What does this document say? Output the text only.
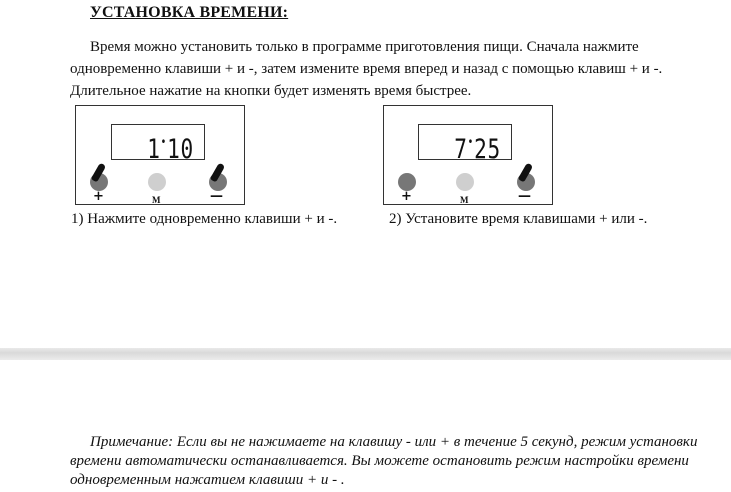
УСТАНОВКА ВРЕМЕНИ:

Время можно установить только в программе приготовления пищи. Сначала нажмите одновременно клавиши + и -, затем измените время вперед и назад с помощью клавиш + и -. Длительное нажатие на кнопки будет изменять время быстрее.

1•10
+	M	—

1) Нажмите одновременно клавиши + и -.

7•25
+	M	—

2) Установите время клавишами + или -.

Примечание: Если вы не нажимаете на клавишу - или + в течение 5 секунд, режим установки времени автоматически останавливается. Вы можете остановить режим настройки времени одновременным нажатием клавиши + и - .
